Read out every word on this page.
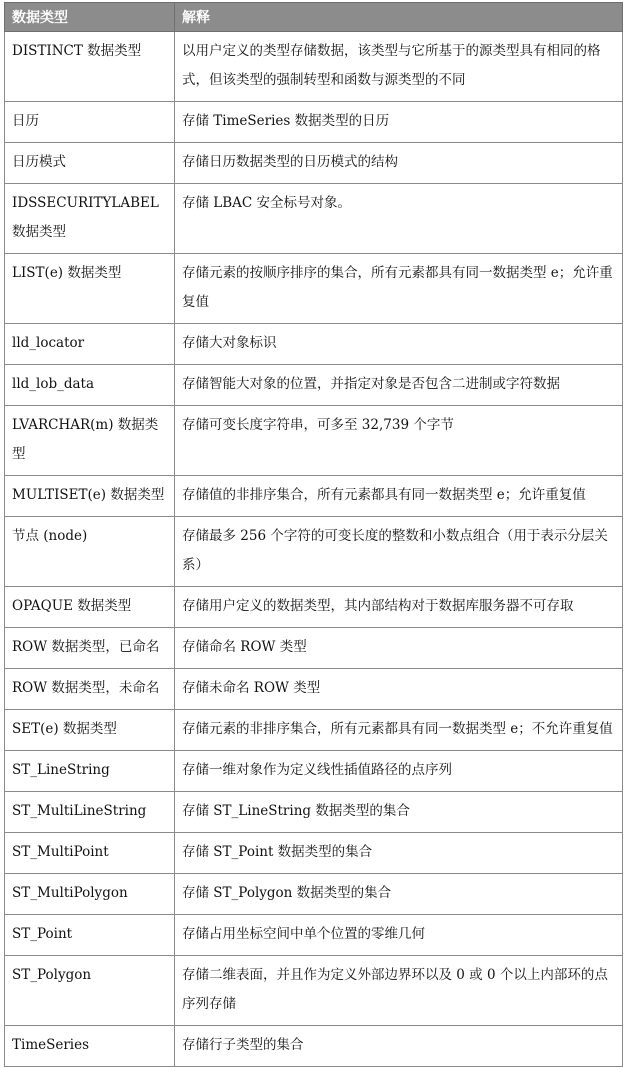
数据类型	解释
DISTINCT 数据类型	以用户定义的类型存储数据，该类型与它所基于的源类型具有相同的格式，但该类型的强制转型和函数与源类型的不同
日历	存储 TimeSeries 数据类型的日历
日历模式	存储日历数据类型的日历模式的结构
IDSSECURITYLABEL 数据类型	存储 LBAC 安全标号对象。
LIST(e) 数据类型	存储元素的按顺序排序的集合，所有元素都具有同一数据类型 e；允许重复值
lld_locator	存储大对象标识
lld_lob_data	存储智能大对象的位置，并指定对象是否包含二进制或字符数据
LVARCHAR(m) 数据类型	存储可变长度字符串，可多至 32,739 个字节
MULTISET(e) 数据类型	存储值的非排序集合，所有元素都具有同一数据类型 e；允许重复值
节点 (node)	存储最多 256 个字符的可变长度的整数和小数点组合（用于表示分层关系）
OPAQUE 数据类型	存储用户定义的数据类型，其内部结构对于数据库服务器不可存取
ROW 数据类型，已命名	存储命名 ROW 类型
ROW 数据类型，未命名	存储未命名 ROW 类型
SET(e) 数据类型	存储元素的非排序集合，所有元素都具有同一数据类型 e；不允许重复值
ST_LineString	存储一维对象作为定义线性插值路径的点序列
ST_MultiLineString	存储 ST_LineString 数据类型的集合
ST_MultiPoint	存储 ST_Point 数据类型的集合
ST_MultiPolygon	存储 ST_Polygon 数据类型的集合
ST_Point	存储占用坐标空间中单个位置的零维几何
ST_Polygon	存储二维表面，并且作为定义外部边界环以及 0 或 0 个以上内部环的点序列存储
TimeSeries	存储行子类型的集合
